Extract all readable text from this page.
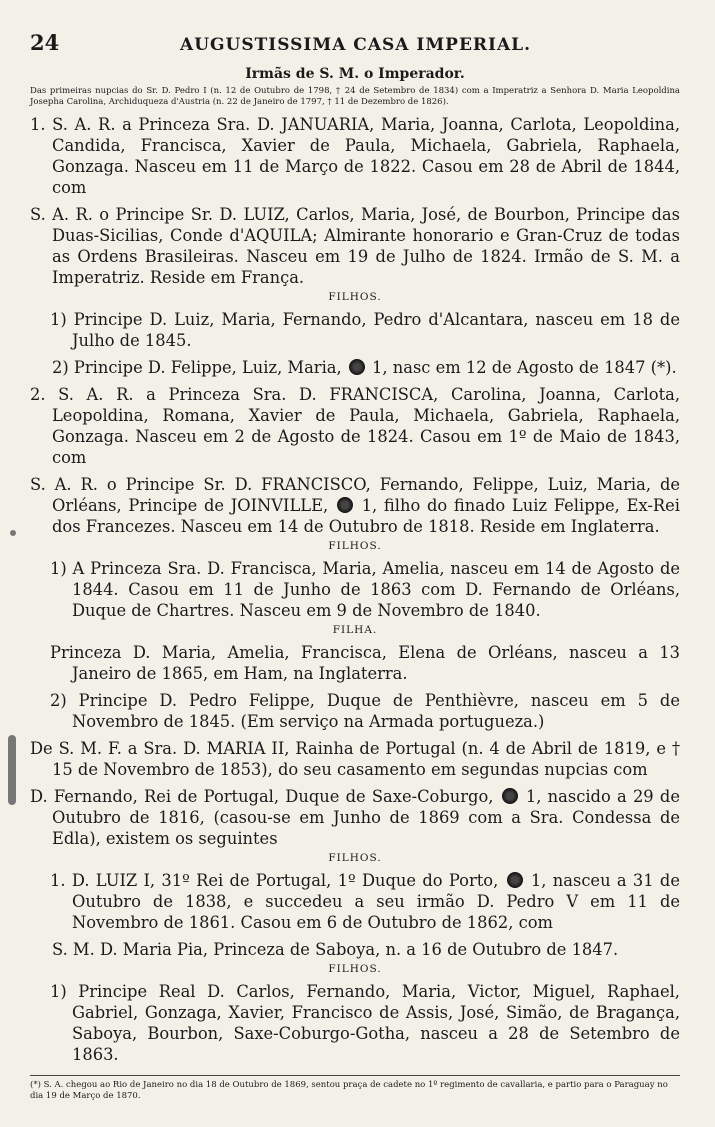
24	AUGUSTISSIMA CASA IMPERIAL.
Irmãs de S. M. o Imperador.
Das primeiras nupcias do Sr. D. Pedro I (n. 12 de Outubro de 1798, † 24 de Setembro de 1834) com a Imperatriz a Senhora D. Maria Leopoldina Josepha Carolina, Archiduqueza d'Austria (n. 22 de Janeiro de 1797, † 11 de Dezembro de 1826).
1. S. A. R. a Princeza Sra. D. JANUARIA, Maria, Joanna, Carlota, Leopoldina, Candida, Francisca, Xavier de Paula, Michaela, Gabriela, Raphaela, Gonzaga. Nasceu em 11 de Março de 1822. Casou em 28 de Abril de 1844, com
S. A. R. o Principe Sr. D. LUIZ, Carlos, Maria, José, de Bourbon, Principe das Duas-Sicilias, Conde d'AQUILA; Almirante honorario e Gran-Cruz de todas as Ordens Brasileiras. Nasceu em 19 de Julho de 1824. Irmão de S. M. a Imperatriz. Reside em França.
FILHOS.
1) Principe D. Luiz, Maria, Fernando, Pedro d'Alcantara, nasceu em 18 de Julho de 1845.
2) Principe D. Felippe, Luiz, Maria, 1, nasc em 12 de Agosto de 1847 (*).
2. S. A. R. a Princeza Sra. D. FRANCISCA, Carolina, Joanna, Carlota, Leopoldina, Romana, Xavier de Paula, Michaela, Gabriela, Raphaela, Gonzaga. Nasceu em 2 de Agosto de 1824. Casou em 1º de Maio de 1843, com
S. A. R. o Principe Sr. D. FRANCISCO, Fernando, Felippe, Luiz, Maria, de Orléans, Principe de JOINVILLE, 1, filho do finado Luiz Felippe, Ex-Rei dos Francezes. Nasceu em 14 de Outubro de 1818. Reside em Inglaterra.
FILHOS.
1) A Princeza Sra. D. Francisca, Maria, Amelia, nasceu em 14 de Agosto de 1844. Casou em 11 de Junho de 1863 com D. Fernando de Orléans, Duque de Chartres. Nasceu em 9 de Novembro de 1840.
FILHA.
Princeza D. Maria, Amelia, Francisca, Elena de Orléans, nasceu a 13 Janeiro de 1865, em Ham, na Inglaterra.
2) Principe D. Pedro Felippe, Duque de Penthièvre, nasceu em 5 de Novembro de 1845. (Em serviço na Armada portugueza.)
De S. M. F. a Sra. D. MARIA II, Rainha de Portugal (n. 4 de Abril de 1819, e † 15 de Novembro de 1853), do seu casamento em segundas nupcias com
D. Fernando, Rei de Portugal, Duque de Saxe-Coburgo, 1, nascido a 29 de Outubro de 1816, (casou-se em Junho de 1869 com a Sra. Condessa de Edla), existem os seguintes
FILHOS.
1. D. LUIZ I, 31º Rei de Portugal, 1º Duque do Porto, 1, nasceu a 31 de Outubro de 1838, e succedeu a seu irmão D. Pedro V em 11 de Novembro de 1861. Casou em 6 de Outubro de 1862, com
S. M. D. Maria Pia, Princeza de Saboya, n. a 16 de Outubro de 1847.
FILHOS.
1) Principe Real D. Carlos, Fernando, Maria, Victor, Miguel, Raphael, Gabriel, Gonzaga, Xavier, Francisco de Assis, José, Simão, de Bragança, Saboya, Bourbon, Saxe-Coburgo-Gotha, nasceu a 28 de Setembro de 1863.
(*) S. A. chegou ao Rio de Janeiro no dia 18 de Outubro de 1869, sentou praça de cadete no 1º regimento de cavallaria, e partio para o Paraguay no dia 19 de Março de 1870.
